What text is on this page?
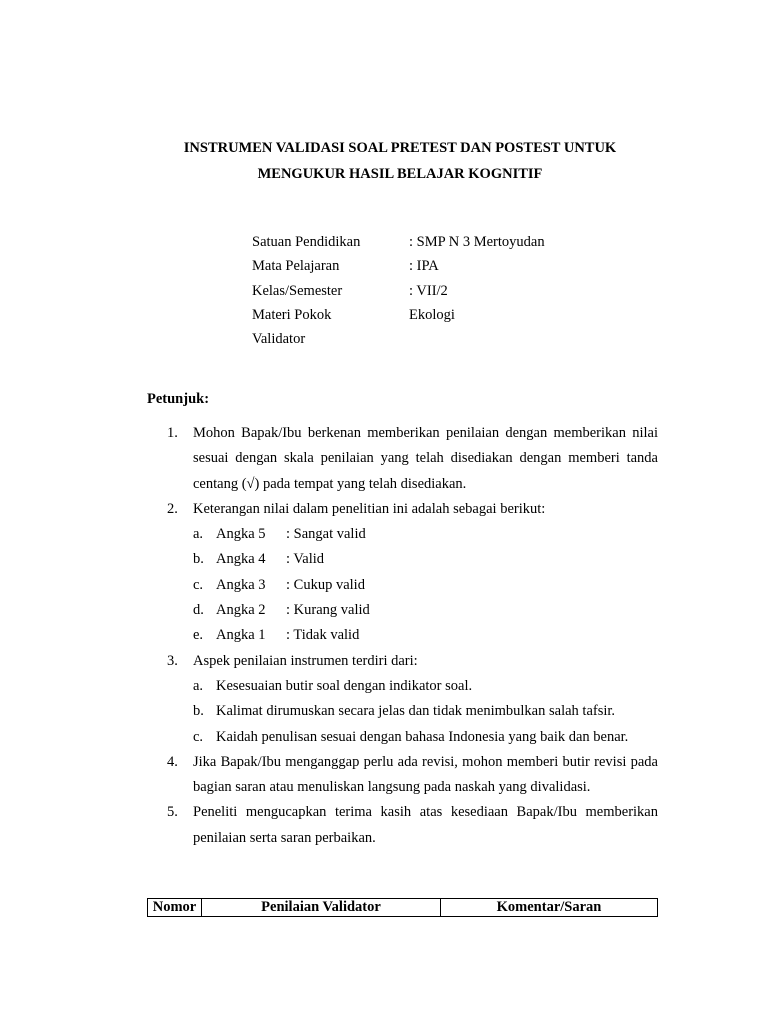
INSTRUMEN VALIDASI SOAL PRETEST DAN POSTEST UNTUK
MENGUKUR HASIL BELAJAR KOGNITIF
Satuan Pendidikan	: SMP N 3 Mertoyudan
Mata Pelajaran	: IPA
Kelas/Semester	: VII/2
Materi Pokok	Ekologi
Validator
Petunjuk:
1. Mohon Bapak/Ibu berkenan memberikan penilaian dengan memberikan nilai sesuai dengan skala penilaian yang telah disediakan dengan memberi tanda centang (√) pada tempat yang telah disediakan.
2. Keterangan nilai dalam penelitian ini adalah sebagai berikut:
a. Angka 5 : Sangat valid
b. Angka 4 : Valid
c. Angka 3 : Cukup valid
d. Angka 2 : Kurang valid
e. Angka 1 : Tidak valid
3. Aspek penilaian instrumen terdiri dari:
a. Kesesuaian butir soal dengan indikator soal.
b. Kalimat dirumuskan secara jelas dan tidak menimbulkan salah tafsir.
c. Kaidah penulisan sesuai dengan bahasa Indonesia yang baik dan benar.
4. Jika Bapak/Ibu menganggap perlu ada revisi, mohon memberi butir revisi pada bagian saran atau menuliskan langsung pada naskah yang divalidasi.
5. Peneliti mengucapkan terima kasih atas kesediaan Bapak/Ibu memberikan penilaian serta saran perbaikan.
Nomor	Penilaian Validator	Komentar/Saran
